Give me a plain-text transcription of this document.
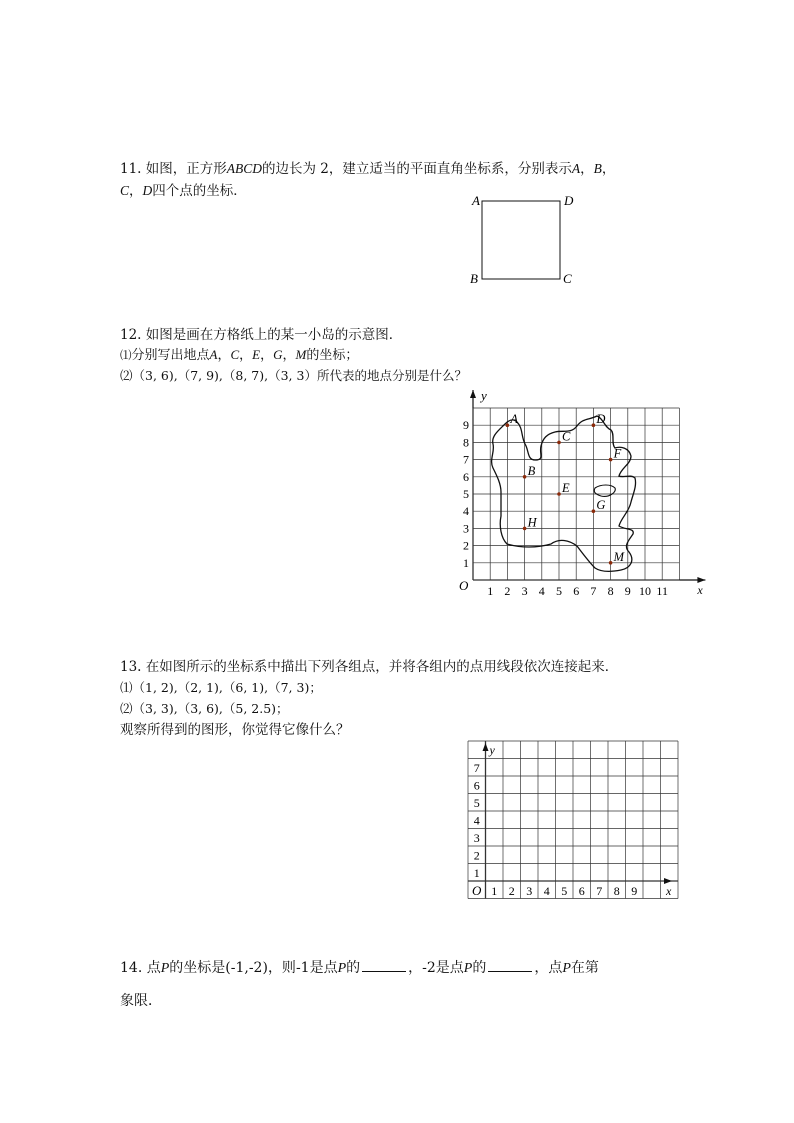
11. 如图，正方形ABCD的边长为 2，建立适当的平面直角坐标系，分别表示A，B，
C，D四个点的坐标．
A	D
B	C
12. 如图是画在方格纸上的某一小岛的示意图．
⑴分别写出地点A，C，E，G，M的坐标；
⑵（3, 6),（7, 9),（8, 7),（3, 3）所代表的地点分别是什么？
x
y
O 1 2 3 4 5 6 7 8 9 10 11
1
2
3
4
5
6
7
8
9	A
B
C
D
E
F
G
H
M
13. 在如图所示的坐标系中描出下列各组点，并将各组内的点用线段依次连接起来．
⑴（1, 2),（2, 1),（6, 1),（7, 3)；
⑵（3, 3),（3, 6),（5, 2.5)；
观察所得到的图形，你觉得它像什么？
x
y
O 1 2 3 4 5 6 7 8 9
1
2
3
4
5
6
7
14. 点P的坐标是(-1,-2)，则-1是点P的	，-2是点P的	，点P在第
象限．
